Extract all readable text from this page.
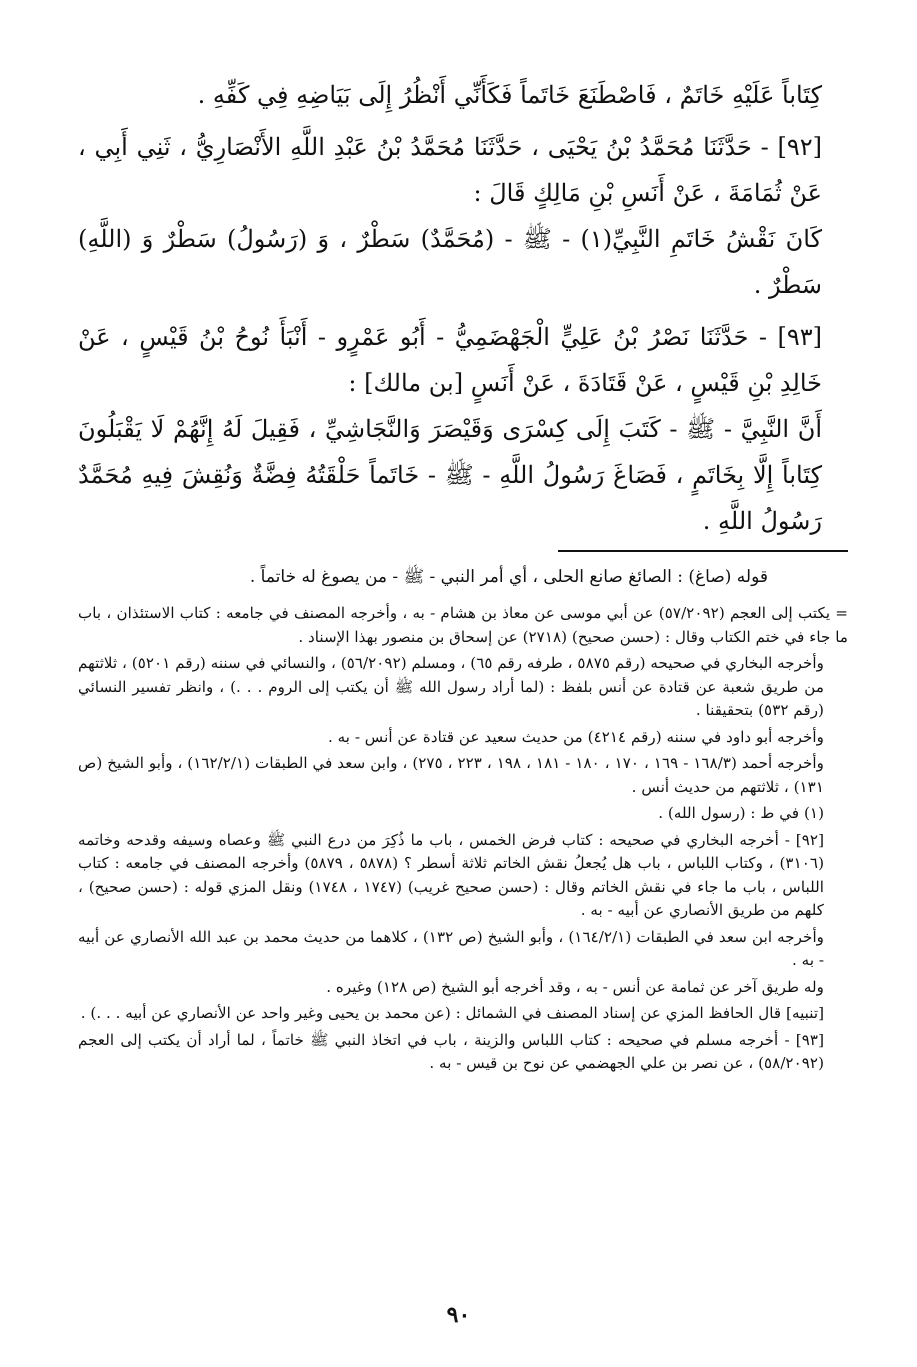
كِتَاباً عَلَيْهِ خَاتَمٌ ، فَاصْطَنَعَ خَاتَماً فَكَأَنِّي أَنْظُرُ إِلَى بَيَاضِهِ فِي كَفِّهِ .

[٩٢] - حَدَّثَنَا مُحَمَّدُ بْنُ يَحْيَى ، حَدَّثَنَا مُحَمَّدُ بْنُ عَبْدِ اللَّهِ الأَنْصَارِيُّ ، ثَنِي أَبِي ، عَنْ ثُمَامَةَ ، عَنْ أَنَسِ بْنِ مَالِكٍ قَالَ :

كَانَ نَقْشُ خَاتَمِ النَّبِيِّ(١) - ﷺ - (مُحَمَّدٌ) سَطْرٌ ، وَ (رَسُولُ) سَطْرٌ وَ (اللَّهِ) سَطْرٌ .

[٩٣] - حَدَّثَنَا نَصْرُ بْنُ عَلِيٍّ الْجَهْضَمِيُّ - أَبُو عَمْرٍو - أَنْبَأَ نُوحُ بْنُ قَيْسٍ ، عَنْ خَالِدِ بْنِ قَيْسٍ ، عَنْ قَتَادَةَ ، عَنْ أَنَسٍ [بن مالك] :

أَنَّ النَّبِيَّ - ﷺ - كَتَبَ إِلَى كِسْرَى وَقَيْصَرَ وَالنَّجَاشِيِّ ، فَقِيلَ لَهُ إِنَّهُمْ لَا يَقْبَلُونَ كِتَاباً إِلَّا بِخَاتَمٍ ، فَصَاغَ رَسُولُ اللَّهِ - ﷺ - خَاتَماً حَلْقَتُهُ فِضَّةٌ وَنُقِشَ فِيهِ مُحَمَّدٌ رَسُولُ اللَّهِ .

قوله (صاغ) : الصائغ صانع الحلى ، أي أمر النبي - ﷺ - من يصوغ له خاتماً .

= يكتب إلى العجم (٥٧/٢٠٩٢) عن أبي موسى عن معاذ بن هشام - به ، وأخرجه المصنف في جامعه : كتاب الاستئذان ، باب ما جاء في ختم الكتاب وقال : (حسن صحيح) (٢٧١٨) عن إسحاق بن منصور بهذا الإسناد .

وأخرجه البخاري في صحيحه (رقم ٥٨٧٥ ، طرفه رقم ٦٥) ، ومسلم (٥٦/٢٠٩٢) ، والنسائي في سننه (رقم ٥٢٠١) ، ثلاثتهم من طريق شعبة عن قتادة عن أنس بلفظ : (لما أراد رسول الله ﷺ أن يكتب إلى الروم . . .) ، وانظر تفسير النسائي (رقم ٥٣٢) بتحقيقنا .

وأخرجه أبو داود في سننه (رقم ٤٢١٤) من حديث سعيد عن قتادة عن أنس - به .

وأخرجه أحمد (١٦٨/٣ - ١٦٩ ، ١٧٠ ، ١٨٠ - ١٨١ ، ١٩٨ ، ٢٢٣ ، ٢٧٥) ، وابن سعد في الطبقات (١٦٢/٢/١) ، وأبو الشيخ (ص ١٣١) ، ثلاثتهم من حديث أنس .

(١) في ط : (رسول الله) .

[٩٢] - أخرجه البخاري في صحيحه : كتاب فرض الخمس ، باب ما ذُكِرَ من درع النبي ﷺ وعصاه وسيفه وقدحه وخاتمه (٣١٠٦) ، وكتاب اللباس ، باب هل يُجعلُ نقش الخاتم ثلاثة أسطر ؟ (٥٨٧٨ ، ٥٨٧٩) وأخرجه المصنف في جامعه : كتاب اللباس ، باب ما جاء في نقش الخاتم وقال : (حسن صحيح غريب) (١٧٤٧ ، ١٧٤٨) ونقل المزي قوله : (حسن صحيح) ، كلهم من طريق الأنصاري عن أبيه - به .

وأخرجه ابن سعد في الطبقات (١٦٤/٢/١) ، وأبو الشيخ (ص ١٣٢) ، كلاهما من حديث محمد بن عبد الله الأنصاري عن أبيه - به .

وله طريق آخر عن ثمامة عن أنس - به ، وقد أخرجه أبو الشيخ (ص ١٢٨) وغيره .

[تنبيه] قال الحافظ المزي عن إسناد المصنف في الشمائل : (عن محمد بن يحيى وغير واحد عن الأنصاري عن أبيه . . .) .

[٩٣] - أخرجه مسلم في صحيحه : كتاب اللباس والزينة ، باب في اتخاذ النبي ﷺ خاتماً ، لما أراد أن يكتب إلى العجم (٥٨/٢٠٩٢) ، عن نصر بن علي الجهضمي عن نوح بن قيس - به .

٩٠
